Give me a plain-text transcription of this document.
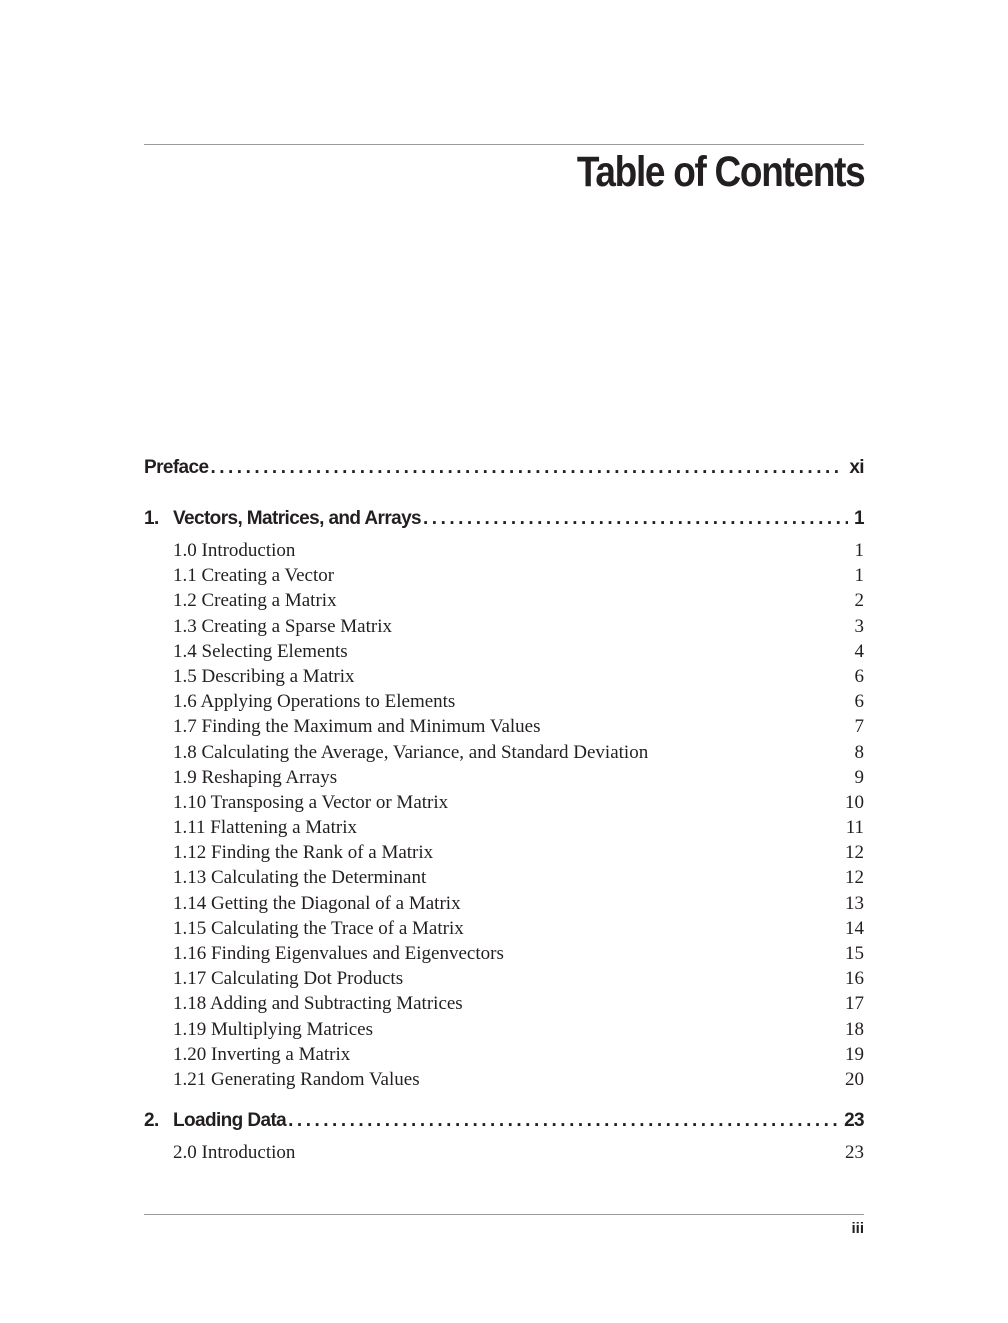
Table of Contents
Preface .....	xi
1. Vectors, Matrices, and Arrays .....	1
1.0 Introduction	1
1.1 Creating a Vector	1
1.2 Creating a Matrix	2
1.3 Creating a Sparse Matrix	3
1.4 Selecting Elements	4
1.5 Describing a Matrix	6
1.6 Applying Operations to Elements	6
1.7 Finding the Maximum and Minimum Values	7
1.8 Calculating the Average, Variance, and Standard Deviation	8
1.9 Reshaping Arrays	9
1.10 Transposing a Vector or Matrix	10
1.11 Flattening a Matrix	11
1.12 Finding the Rank of a Matrix	12
1.13 Calculating the Determinant	12
1.14 Getting the Diagonal of a Matrix	13
1.15 Calculating the Trace of a Matrix	14
1.16 Finding Eigenvalues and Eigenvectors	15
1.17 Calculating Dot Products	16
1.18 Adding and Subtracting Matrices	17
1.19 Multiplying Matrices	18
1.20 Inverting a Matrix	19
1.21 Generating Random Values	20
2. Loading Data .....	23
2.0 Introduction	23
iii
